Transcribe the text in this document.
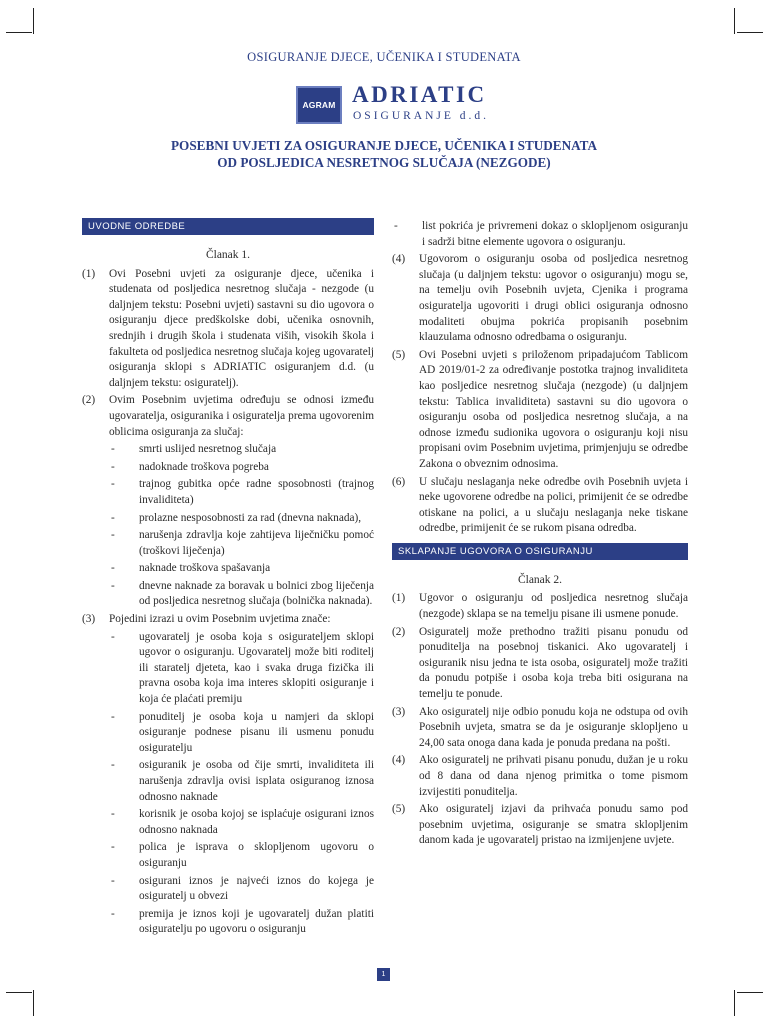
OSIGURANJE DJECE, UČENIKA I STUDENATA
AGRAM ADRIATIC
OSIGURANJE d.d.
POSEBNI UVJETI ZA OSIGURANJE DJECE, UČENIKA I STUDENATA
OD POSLJEDICA NESRETNOG SLUČAJA (NEZGODE)
UVODNE ODREDBE
Članak 1.
(1)	Ovi Posebni uvjeti za osiguranje djece, učenika i studenata od posljedica nesretnog slučaja - nezgode (u daljnjem tekstu: Posebni uvjeti) sastavni su dio ugovora o osiguranju djece predškolske dobi, učenika osnovnih, srednjih i drugih škola i studenata viših, visokih škola i fakulteta od posljedica nesretnog slučaja kojeg ugovaratelj osiguranja sklopi s ADRIATIC osiguranjem d.d. (u daljnjem tekstu: osiguratelj).
(2)	Ovim Posebnim uvjetima određuju se odnosi između ugovaratelja, osiguranika i osiguratelja prema ugovorenim oblicima osiguranja za slučaj:
-	smrti uslijed nesretnog slučaja
-	nadoknade troškova pogreba
-	trajnog gubitka opće radne sposobnosti (trajnog invaliditeta)
-	prolazne nesposobnosti za rad (dnevna naknada),
-	narušenja zdravlja koje zahtijeva liječničku pomoć (troškovi liječenja)
-	naknade troškova spašavanja
-	dnevne naknade za boravak u bolnici zbog liječenja od posljedica nesretnog slučaja (bolnička naknada).
(3)	Pojedini izrazi u ovim Posebnim uvjetima znače:
-	ugovaratelj je osoba koja s osigurateljem sklopi ugovor o osiguranju. Ugovaratelj može biti roditelj ili staratelj djeteta, kao i svaka druga fizička ili pravna osoba koja ima interes sklopiti osiguranje i koja će plaćati premiju
-	ponuditelj je osoba koja u namjeri da sklopi osiguranje podnese pisanu ili usmenu ponudu osiguratelju
-	osiguranik je osoba od čije smrti, invaliditeta ili narušenja zdravlja ovisi isplata osiguranog iznosa odnosno naknade
-	korisnik je osoba kojoj se isplaćuje osigurani iznos odnosno naknada
-	polica je isprava o sklopljenom ugovoru o osiguranju
-	osigurani iznos je najveći iznos do kojega je osiguratelj u obvezi
-	premija je iznos koji je ugovaratelj dužan platiti osiguratelju po ugovoru o osiguranju
-	list pokrića je privremeni dokaz o sklopljenom osiguranju i sadrži bitne elemente ugovora o osiguranju.
(4)	Ugovorom o osiguranju osoba od posljedica nesretnog slučaja (u daljnjem tekstu: ugovor o osiguranju) mogu se, na temelju ovih Posebnih uvjeta, Cjenika i programa osiguratelja ugovoriti i drugi oblici osiguranja odnosno modaliteti obujma pokrića propisanih posebnim klauzulama odnosno odredbama o osiguranju.
(5)	Ovi Posebni uvjeti s priloženom pripadajućom Tablicom AD 2019/01-2 za određivanje postotka trajnog invaliditeta kao posljedice nesretnog slučaja (nezgode) (u daljnjem tekstu: Tablica invaliditeta) sastavni su dio ugovora o osiguranju osoba od posljedica nesretnog slučaja, a na odnose između sudionika ugovora o osiguranju koji nisu propisani ovim Posebnim uvjetima, primjenjuju se odredbe Zakona o obveznim odnosima.
(6)	U slučaju neslaganja neke odredbe ovih Posebnih uvjeta i neke ugovorene odredbe na polici, primijenit će se odredbe otiskane na polici, a u slučaju neslaganja neke tiskane odredbe, primijenit će se rukom pisana odredba.
SKLAPANJE UGOVORA O OSIGURANJU
Članak 2.
(1)	Ugovor o osiguranju od posljedica nesretnog slučaja (nezgode) sklapa se na temelju pisane ili usmene ponude.
(2)	Osiguratelj može prethodno tražiti pisanu ponudu od ponuditelja na posebnoj tiskanici. Ako ugovaratelj i osiguranik nisu jedna te ista osoba, osiguratelj može tražiti da ponudu potpiše i osoba koja treba biti osigurana na temelju te ponude.
(3)	Ako osiguratelj nije odbio ponudu koja ne odstupa od ovih Posebnih uvjeta, smatra se da je osiguranje sklopljeno u 24,00 sata onoga dana kada je ponuda predana na pošti.
(4)	Ako osiguratelj ne prihvati pisanu ponudu, dužan je u roku od 8 dana od dana njenog primitka o tome pismom izvijestiti ponuditelja.
(5)	Ako osiguratelj izjavi da prihvaća ponudu samo pod posebnim uvjetima, osiguranje se smatra sklopljenim danom kada je ugovaratelj pristao na izmijenjene uvjete.
1
